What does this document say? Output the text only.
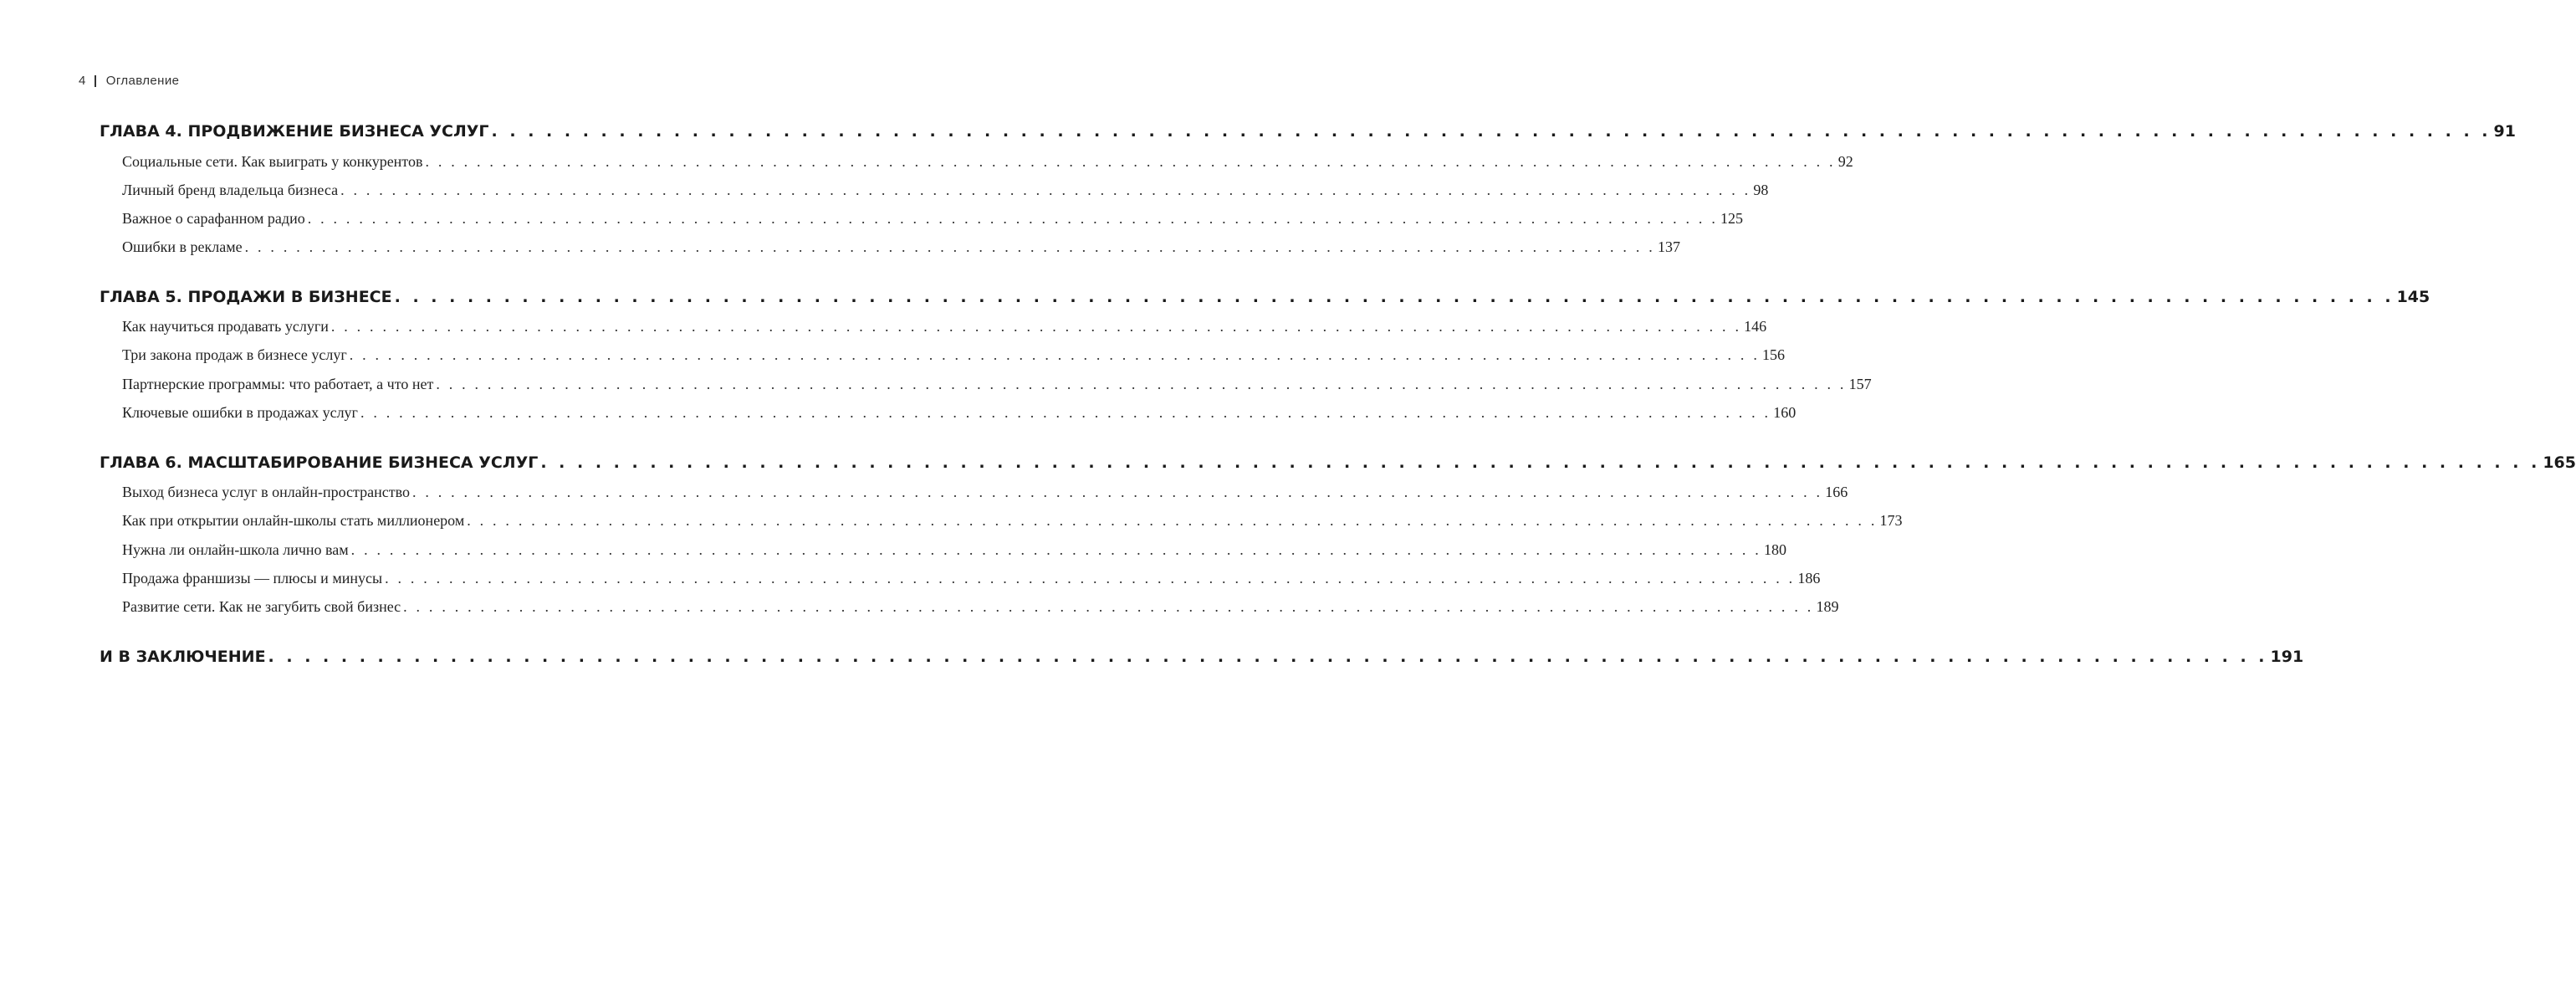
4 Оглавление
ГЛАВА 4. ПРОДВИЖЕНИЕ БИЗНЕСА УСЛУГ . . . . . . . . . . . . . . . . . . . . . . . . . . . . . . . . . . . . . . . . . . . . . . . . . . . . . . . . . . . . . . . . . . . . . . . . . . . . . . . . . . . . . . . . . . . . . . . . . . . . . . . . . . . . . . 91
Социальные сети. Как выиграть у конкурентов . . . . . . . . . . . . . . . . . . . . . . . . . . . . . . . . . . . . . . . . . . . . . . . . . . . . . . . . . . . . . . . . . . . . . . . . . . . . . . . . . . . . . . . . . . . . . . . . . . . . . . . . . . . . . . 92
Личный бренд владельца бизнеса . . . . . . . . . . . . . . . . . . . . . . . . . . . . . . . . . . . . . . . . . . . . . . . . . . . . . . . . . . . . . . . . . . . . . . . . . . . . . . . . . . . . . . . . . . . . . . . . . . . . . . . . . . . . . . 98
Важное о сарафанном радио . . . . . . . . . . . . . . . . . . . . . . . . . . . . . . . . . . . . . . . . . . . . . . . . . . . . . . . . . . . . . . . . . . . . . . . . . . . . . . . . . . . . . . . . . . . . . . . . . . . . . . . . . . . . . . 125
Ошибки в рекламе . . . . . . . . . . . . . . . . . . . . . . . . . . . . . . . . . . . . . . . . . . . . . . . . . . . . . . . . . . . . . . . . . . . . . . . . . . . . . . . . . . . . . . . . . . . . . . . . . . . . . . . . . . . . . . 137
ГЛАВА 5. ПРОДАЖИ В БИЗНЕСЕ . . . . . . . . . . . . . . . . . . . . . . . . . . . . . . . . . . . . . . . . . . . . . . . . . . . . . . . . . . . . . . . . . . . . . . . . . . . . . . . . . . . . . . . . . . . . . . . . . . . . . . . . . . . . . . 145
Как научиться продавать услуги . . . . . . . . . . . . . . . . . . . . . . . . . . . . . . . . . . . . . . . . . . . . . . . . . . . . . . . . . . . . . . . . . . . . . . . . . . . . . . . . . . . . . . . . . . . . . . . . . . . . . . . . . . . . . . 146
Три закона продаж в бизнесе услуг . . . . . . . . . . . . . . . . . . . . . . . . . . . . . . . . . . . . . . . . . . . . . . . . . . . . . . . . . . . . . . . . . . . . . . . . . . . . . . . . . . . . . . . . . . . . . . . . . . . . . . . . . . . . . . 156
Партнерские программы: что работает, а что нет . . . . . . . . . . . . . . . . . . . . . . . . . . . . . . . . . . . . . . . . . . . . . . . . . . . . . . . . . . . . . . . . . . . . . . . . . . . . . . . . . . . . . . . . . . . . . . . . . . . . . . . . . . . . . . 157
Ключевые ошибки в продажах услуг . . . . . . . . . . . . . . . . . . . . . . . . . . . . . . . . . . . . . . . . . . . . . . . . . . . . . . . . . . . . . . . . . . . . . . . . . . . . . . . . . . . . . . . . . . . . . . . . . . . . . . . . . . . . . . 160
ГЛАВА 6. МАСШТАБИРОВАНИЕ БИЗНЕСА УСЛУГ . . . . . . . . . . . . . . . . . . . . . . . . . . . . . . . . . . . . . . . . . . . . . . . . . . . . . . . . . . . . . . . . . . . . . . . . . . . . . . . . . . . . . . . . . . . . . . . . . . . . . . . . . . . . . . 165
Выход бизнеса услуг в онлайн-пространство . . . . . . . . . . . . . . . . . . . . . . . . . . . . . . . . . . . . . . . . . . . . . . . . . . . . . . . . . . . . . . . . . . . . . . . . . . . . . . . . . . . . . . . . . . . . . . . . . . . . . . . . . . . . . . 166
Как при открытии онлайн-школы стать миллионером . . . . . . . . . . . . . . . . . . . . . . . . . . . . . . . . . . . . . . . . . . . . . . . . . . . . . . . . . . . . . . . . . . . . . . . . . . . . . . . . . . . . . . . . . . . . . . . . . . . . . . . . . . . . . . 173
Нужна ли онлайн-школа лично вам . . . . . . . . . . . . . . . . . . . . . . . . . . . . . . . . . . . . . . . . . . . . . . . . . . . . . . . . . . . . . . . . . . . . . . . . . . . . . . . . . . . . . . . . . . . . . . . . . . . . . . . . . . . . . . 180
Продажа франшизы — плюсы и минусы . . . . . . . . . . . . . . . . . . . . . . . . . . . . . . . . . . . . . . . . . . . . . . . . . . . . . . . . . . . . . . . . . . . . . . . . . . . . . . . . . . . . . . . . . . . . . . . . . . . . . . . . . . . . . . 186
Развитие сети. Как не загубить свой бизнес . . . . . . . . . . . . . . . . . . . . . . . . . . . . . . . . . . . . . . . . . . . . . . . . . . . . . . . . . . . . . . . . . . . . . . . . . . . . . . . . . . . . . . . . . . . . . . . . . . . . . . . . . . . . . . 189
И В ЗАКЛЮЧЕНИЕ . . . . . . . . . . . . . . . . . . . . . . . . . . . . . . . . . . . . . . . . . . . . . . . . . . . . . . . . . . . . . . . . . . . . . . . . . . . . . . . . . . . . . . . . . . . . . . . . . . . . . . . . . . . . . . 191
